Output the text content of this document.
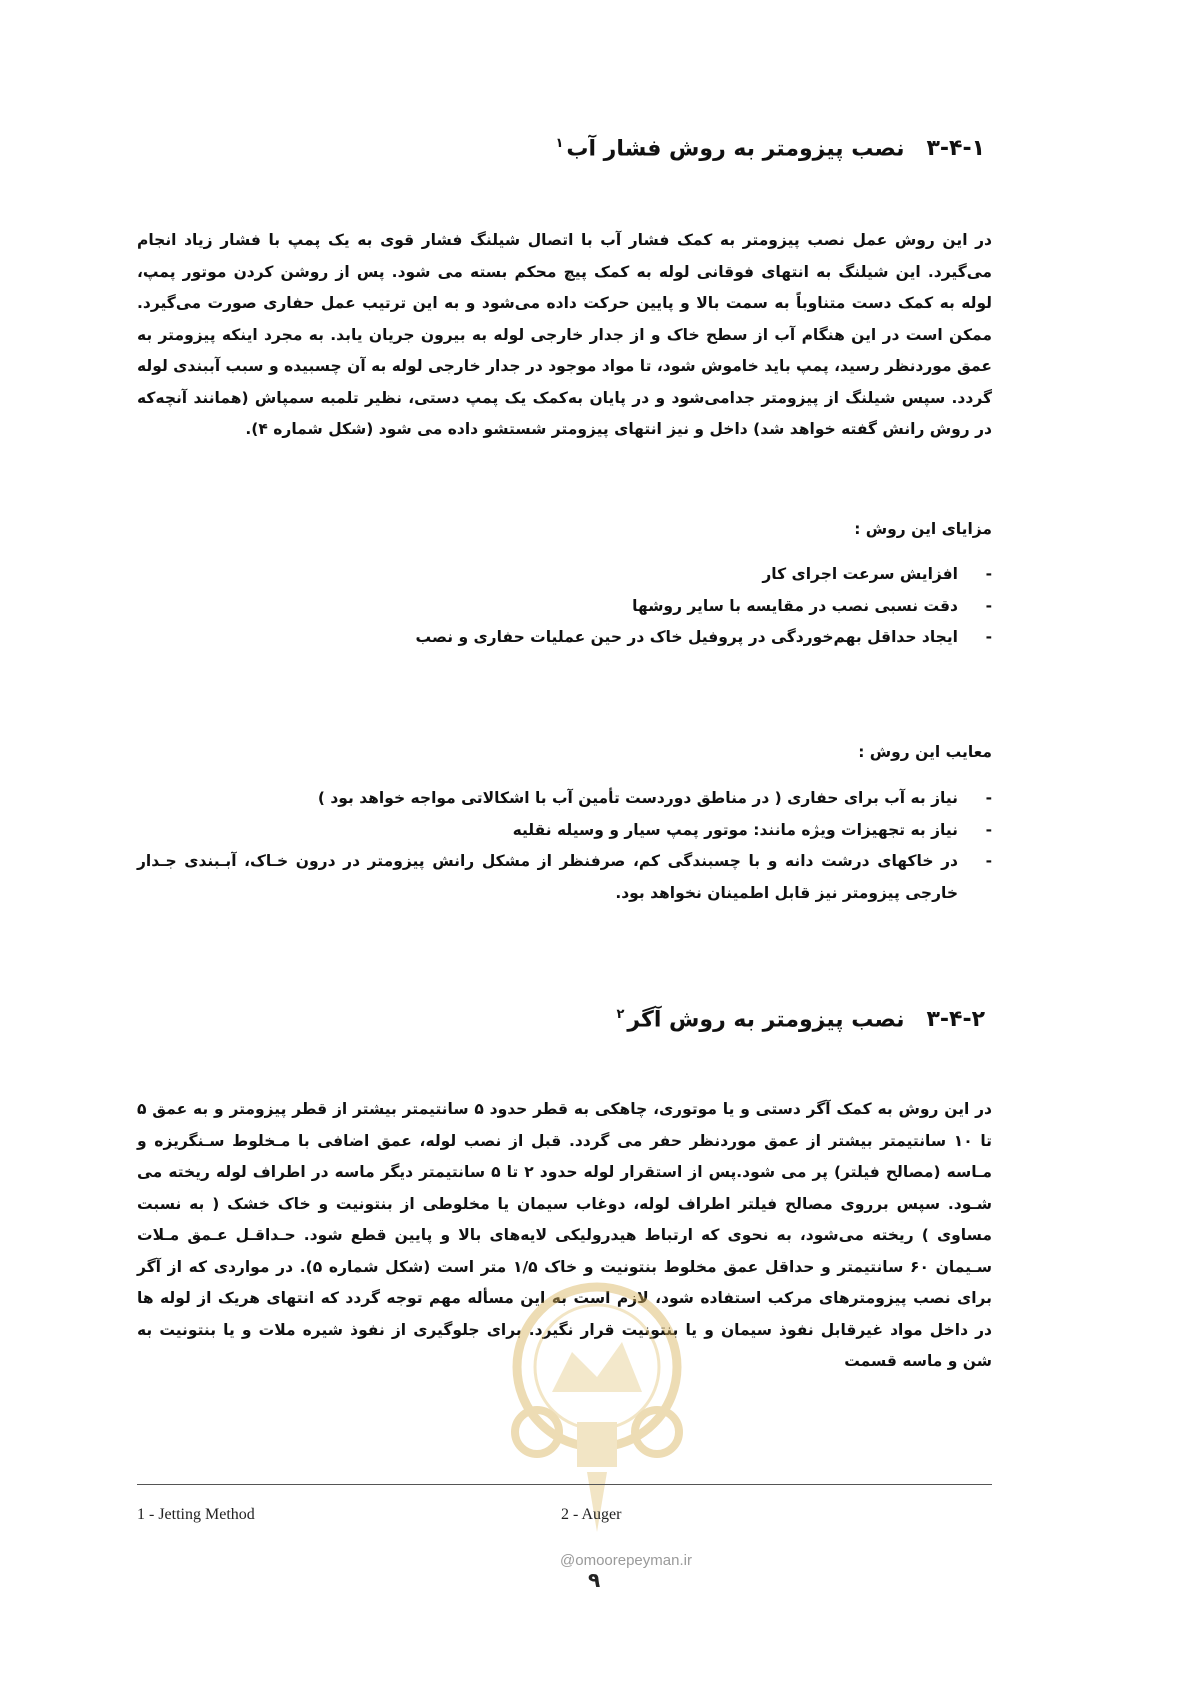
۳-۴-۱نصب پیزومتر به روش فشار آب$^۱$

در این روش عمل نصب پیزومتر به کمک فشار آب با اتصال شیلنگ فشار قوی به یک پمپ با فشار زیاد انجام می‌گیرد. این شیلنگ به انتهای فوقانی لوله به کمک پیچ محکم بسته می شود. پس از روشن کردن موتور پمپ، لوله به کمک دست متناوباً به سمت بالا و پایین حرکت داده می‌شود و به این ترتیب عمل حفاری صورت می‌گیرد. ممکن است در این هنگام آب از سطح خاک و از جدار خارجی لوله به بیرون جریان یابد. به مجرد اینکه پیزومتر به عمق موردنظر رسید، پمپ باید خاموش شود، تا مواد موجود در جدار خارجی لوله به آن چسبیده و سبب آببندی لوله گردد. سپس شیلنگ از پیزومتر جدامی‌شود و در پایان به‌کمک یک پمپ دستی، نظیر تلمبه سمپاش (همانند آنچه‌که در روش رانش گفته خواهد شد) داخل و نیز انتهای پیزومتر شستشو داده می شود (شکل شماره ۴).

مزایای این روش :
-
افزایش سرعت اجرای کار
-
دقت نسبی نصب در مقایسه با سایر روشها
-
ایجاد حداقل بهم‌خوردگی در پروفیل خاک در حین عملیات حفاری و نصب
معایب این روش :
-
نیاز به آب برای حفاری ( در مناطق دوردست تأمین آب با اشکالاتی مواجه خواهد بود )
-
نیاز به تجهیزات ویژه مانند: موتور پمپ سیار و وسیله نقلیه
-
در خاکهای درشت دانه و با چسبندگی کم، صرفنظر از مشکل رانش پیزومتر در درون خـاک، آبـبندی جـدار خارجی پیزومتر نیز قابل اطمینان نخواهد بود.
۳-۴-۲نصب پیزومتر به روش آگر$^۲$

در این روش به کمک آگر دستی و یا موتوری، چاهکی به قطر حدود ۵ سانتیمتر بیشتر از قطر پیزومتر و به عمق ۵ تا ۱۰ سانتیمتر بیشتر از عمق موردنظر حفر می گردد. قبل از نصب لوله، عمق اضافی با مـخلوط سـنگریزه و مـاسه (مصالح فیلتر) پر می شود.پس از استقرار لوله حدود ۲ تا ۵ سانتیمتر دیگر ماسه در اطراف لوله ریخته می شـود. سپس برروی مصالح فیلتر اطراف لوله، دوغاب سیمان یا مخلوطی از بنتونیت و خاک خشک ( به نسبت مساوی ) ریخته می‌شود، به نحوی که ارتباط هیدرولیکی لایه‌های بالا و پایین قطع شود. حـداقـل عـمق مـلات سـیمان ۶۰ سانتیمتر و حداقل عمق مخلوط بنتونیت و خاک ۱/۵ متر است (شکل شماره ۵). در مواردی که از آگر برای نصب پیزومترهای مرکب استفاده شود، لازم است به این مسأله مهم توجه گردد که انتهای هریک از لوله ها در داخل مواد غیرقابل نفوذ سیمان و یا بنتونیت قرار نگیرد. برای جلوگیری از نفوذ شیره ملات و یا بنتونیت به شن و ماسه قسمت

1 - Jetting Method	2 - Auger
@omoorepeyman.ir
۹
